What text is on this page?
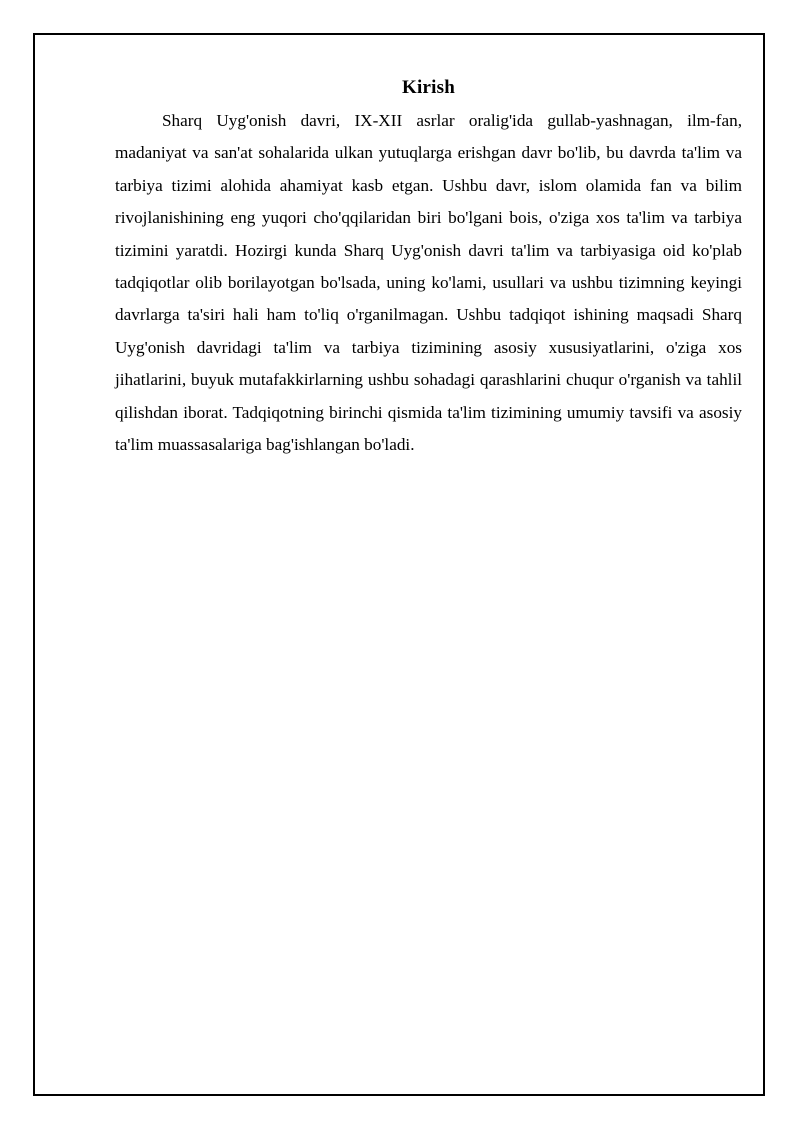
Kirish

Sharq Uyg'onish davri, IX-XII asrlar oralig'ida gullab-yashnagan, ilm-fan, madaniyat va san'at sohalarida ulkan yutuqlarga erishgan davr bo'lib, bu davrda ta'lim va tarbiya tizimi alohida ahamiyat kasb etgan. Ushbu davr, islom olamida fan va bilim rivojlanishining eng yuqori cho'qqilaridan biri bo'lgani bois, o'ziga xos ta'lim va tarbiya tizimini yaratdi. Hozirgi kunda Sharq Uyg'onish davri ta'lim va tarbiyasiga oid ko'plab tadqiqotlar olib borilayotgan bo'lsada, uning ko'lami, usullari va ushbu tizimning keyingi davrlarga ta'siri hali ham to'liq o'rganilmagan. Ushbu tadqiqot ishining maqsadi Sharq Uyg'onish davridagi ta'lim va tarbiya tizimining asosiy xususiyatlarini, o'ziga xos jihatlarini, buyuk mutafakkirlarning ushbu sohadagi qarashlarini chuqur o'rganish va tahlil qilishdan iborat. Tadqiqotning birinchi qismida ta'lim tizimining umumiy tavsifi va asosiy ta'lim muassasalariga bag'ishlangan bo'ladi.
